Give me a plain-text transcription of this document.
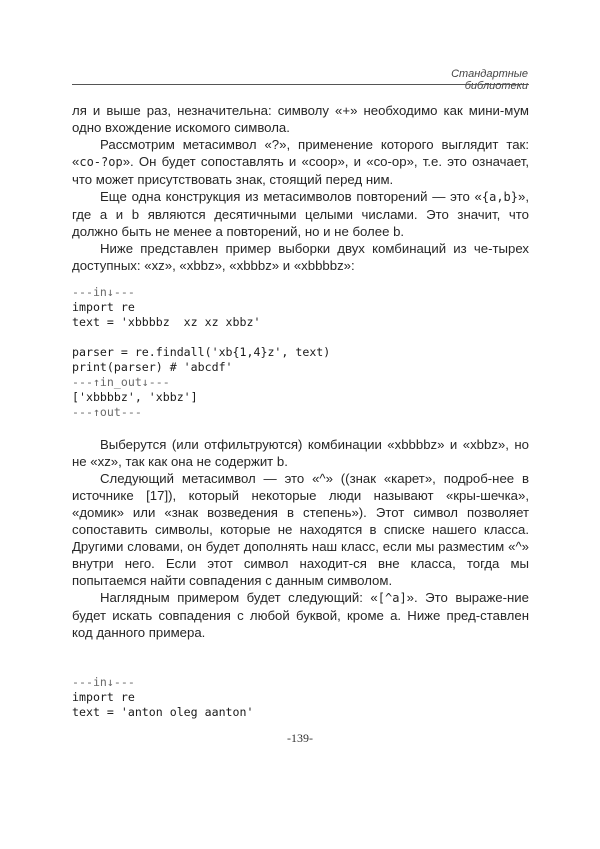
Стандартные библиотеки

ля и выше раз, незначительна: символу «+» необходимо как мини-мум одно вхождение искомого символа.

Рассмотрим метасимвол «?», применение которого выглядит так: «co-?op». Он будет сопоставлять и «coop», и «co-op», т.е. это означает, что может присутствовать знак, стоящий перед ним.

Еще одна конструкция из метасимволов повторений — это «{a,b}», где a и b являются десятичными целыми числами. Это значит, что должно быть не менее a повторений, но и не более b.

Ниже представлен пример выборки двух комбинаций из че-тырех доступных: «xz», «xbbz», «xbbbz» и «xbbbbz»:

---in↓---
import re
text = 'xbbbbz  xz xz xbbz'

parser = re.findall('xb{1,4}z', text)
print(parser) # 'abcdf'
---↑in_out↓---
['xbbbbz', 'xbbz']
---↑out---

Выберутся (или отфильтруются) комбинации «xbbbbz» и «xbbz», но не «xz», так как она не содержит b.

Следующий метасимвол — это «^» ((знак «карет», подроб-нее в источнике [17]), который некоторые люди называют «кры-шечка», «домик» или «знак возведения в степень»). Этот символ позволяет сопоставить символы, которые не находятся в списке нашего класса. Другими словами, он будет дополнять наш класс, если мы разместим «^» внутри него. Если этот символ находит-ся вне класса, тогда мы попытаемся найти совпадения с данным символом.

Наглядным примером будет следующий: «[^a]». Это выраже-ние будет искать совпадения с любой буквой, кроме a. Ниже пред-ставлен код данного примера.

---in↓---
import re
text = 'anton oleg aanton'
-139-
